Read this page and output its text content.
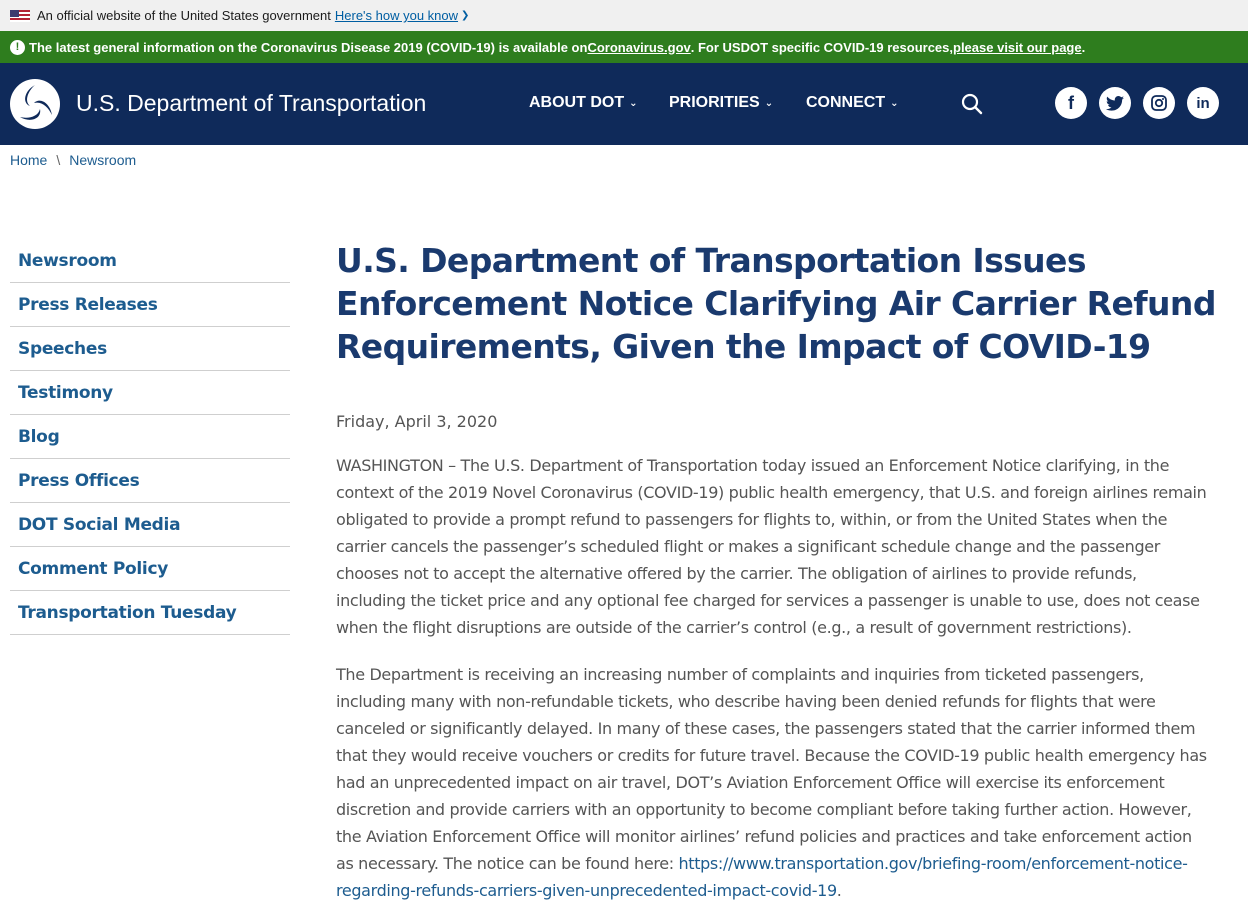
An official website of the United States government Here's how you know ❯
! The latest general information on the Coronavirus Disease 2019 (COVID-19) is available on Coronavirus.gov . For USDOT specific COVID-19 resources, please visit our page .
U.S. Department of Transportation	ABOUT DOT ⌄ PRIORITIES ⌄ CONNECT ⌄	f	in
Home \ Newsroom
Newsroom
Press Releases
Speeches
Testimony
Blog
Press Offices
DOT Social Media
Comment Policy
Transportation Tuesday
U.S. Department of Transportation Issues Enforcement Notice Clarifying Air Carrier Refund Requirements, Given the Impact of COVID-19
Friday, April 3, 2020

WASHINGTON – The U.S. Department of Transportation today issued an Enforcement Notice clarifying, in the context of the 2019 Novel Coronavirus (COVID-19) public health emergency, that U.S. and foreign airlines remain obligated to provide a prompt refund to passengers for flights to, within, or from the United States when the carrier cancels the passenger’s scheduled flight or makes a significant schedule change and the passenger chooses not to accept the alternative offered by the carrier. The obligation of airlines to provide refunds, including the ticket price and any optional fee charged for services a passenger is unable to use, does not cease when the flight disruptions are outside of the carrier’s control (e.g., a result of government restrictions).

The Department is receiving an increasing number of complaints and inquiries from ticketed passengers, including many with non-refundable tickets, who describe having been denied refunds for flights that were canceled or significantly delayed. In many of these cases, the passengers stated that the carrier informed them that they would receive vouchers or credits for future travel. Because the COVID-19 public health emergency has had an unprecedented impact on air travel, DOT’s Aviation Enforcement Office will exercise its enforcement discretion and provide carriers with an opportunity to become compliant before taking further action. However, the Aviation Enforcement Office will monitor airlines’ refund policies and practices and take enforcement action as necessary. The notice can be found here: https://www.transportation.gov/briefing-room/enforcement-notice-regarding-refunds-carriers-given-unprecedented-impact-covid-19.
